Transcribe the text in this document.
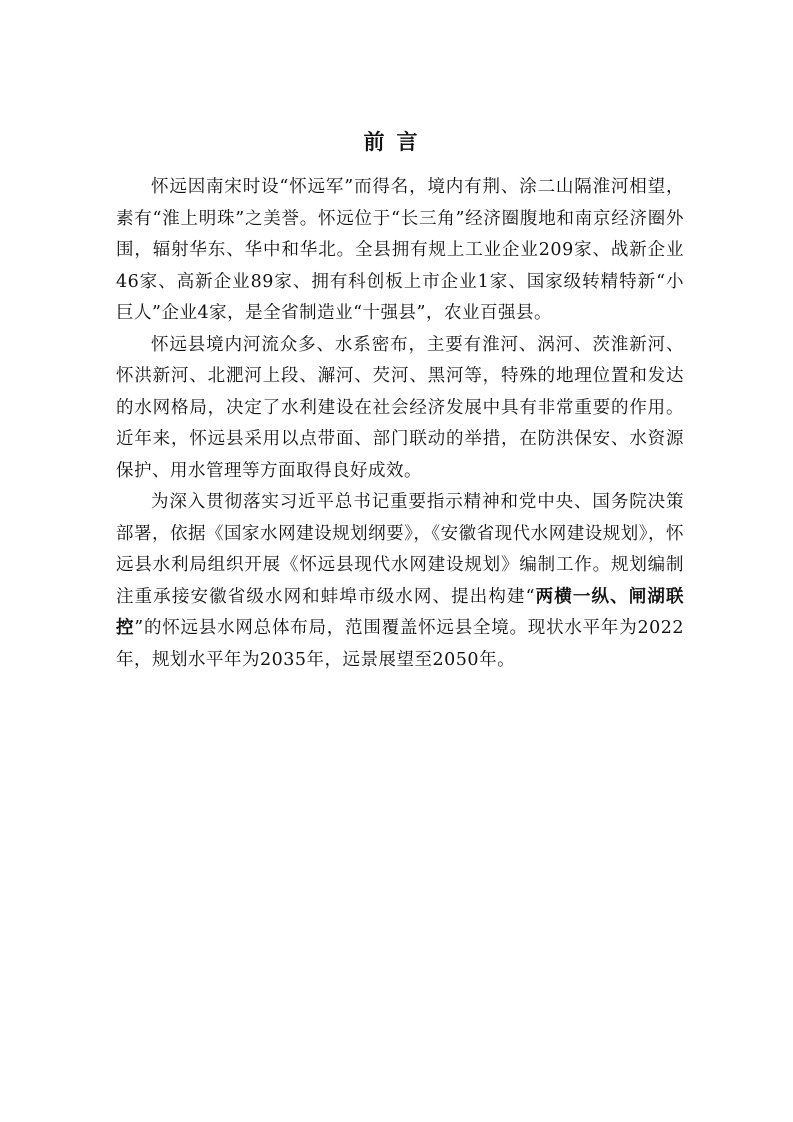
前言

怀远因南宋时设“怀远军”而得名，境内有荆、涂二山隔淮河相望，素有“淮上明珠”之美誉。怀远位于“长三角”经济圈腹地和南京经济圈外围，辐射华东、华中和华北。全县拥有规上工业企业209家、战新企业46家、高新企业89家、拥有科创板上市企业1家、国家级转精特新“小巨人”企业4家，是全省制造业“十强县”，农业百强县。

怀远县境内河流众多、水系密布，主要有淮河、涡河、茨淮新河、怀洪新河、北淝河上段、澥河、芡河、黑河等，特殊的地理位置和发达的水网格局，决定了水利建设在社会经济发展中具有非常重要的作用。近年来，怀远县采用以点带面、部门联动的举措，在防洪保安、水资源保护、用水管理等方面取得良好成效。

为深入贯彻落实习近平总书记重要指示精神和党中央、国务院决策部署，依据《国家水网建设规划纲要》，《安徽省现代水网建设规划》，怀远县水利局组织开展《怀远县现代水网建设规划》编制工作。规划编制注重承接安徽省级水网和蚌埠市级水网、提出构建“两横一纵、闸湖联控”的怀远县水网总体布局，范围覆盖怀远县全境。现状水平年为2022年，规划水平年为2035年，远景展望至2050年。
